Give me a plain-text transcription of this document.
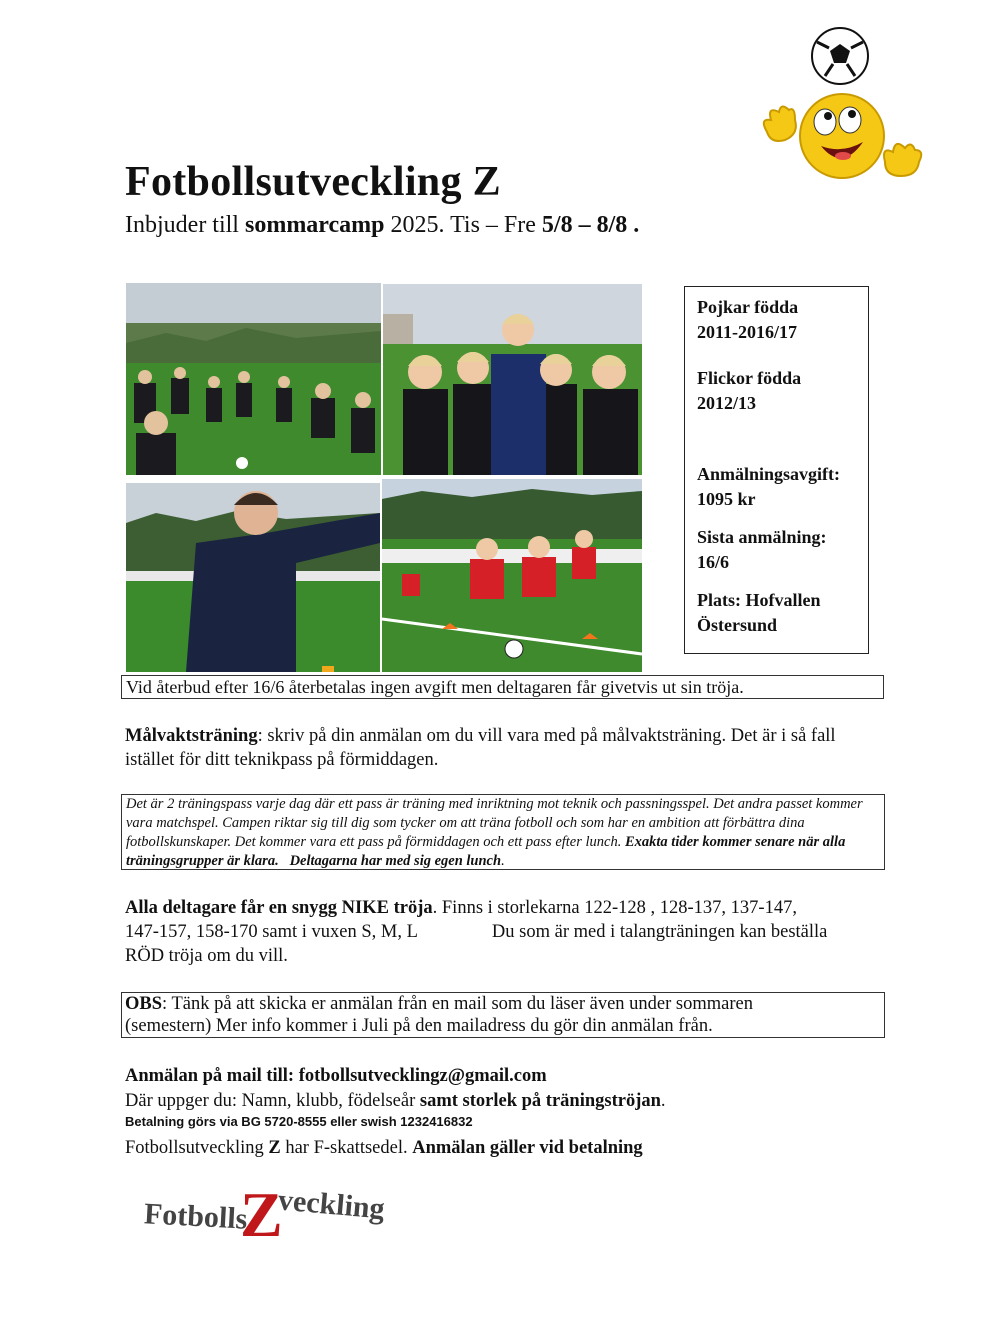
Fotbollsutveckling Z
Inbjuder till sommarcamp 2025. Tis – Fre 5/8 – 8/8 .

Pojkar födda

2011-2016/17

Flickor födda

2012/13

Anmälningsavgift:

1095 kr

Sista anmälning:

16/6

Plats: Hofvallen

Östersund

Vid återbud efter 16/6 återbetalas ingen avgift men deltagaren får givetvis ut sin tröja.
Målvaktsträning: skriv på din anmälan om du vill vara med på målvaktsträning. Det är i så fall istället för ditt teknikpass på förmiddagen.
Det är 2 träningspass varje dag där ett pass är träning med inriktning mot teknik och passningsspel. Det andra passet kommer vara matchspel. Campen riktar sig till dig som tycker om att träna fotboll och som har en ambition att förbättra dina fotbollskunskaper. Det kommer vara ett pass på förmiddagen och ett pass efter lunch. Exakta tider kommer senare när alla träningsgrupper är klara. Deltagarna har med sig egen lunch.
Alla deltagare får en snygg NIKE tröja. Finns i storlekarna 122-128 , 128-137, 137-147,
147-157, 158-170 samt i vuxen S, M, L	Du som är med i talangträningen kan beställa
RÖD tröja om du vill.
OBS: Tänk på att skicka er anmälan från en mail som du läser även under sommaren
(semestern) Mer info kommer i Juli på den mailadress du gör din anmälan från.
Anmälan på mail till: fotbollsutvecklingz@gmail.com
Där uppger du: Namn, klubb, födelseår samt storlek på träningströjan.
Betalning görs via BG 5720-8555 eller swish 1232416832
Fotbollsutveckling Z har F-skattsedel. Anmälan gäller vid betalning
Fotbolls
Z
veckling
